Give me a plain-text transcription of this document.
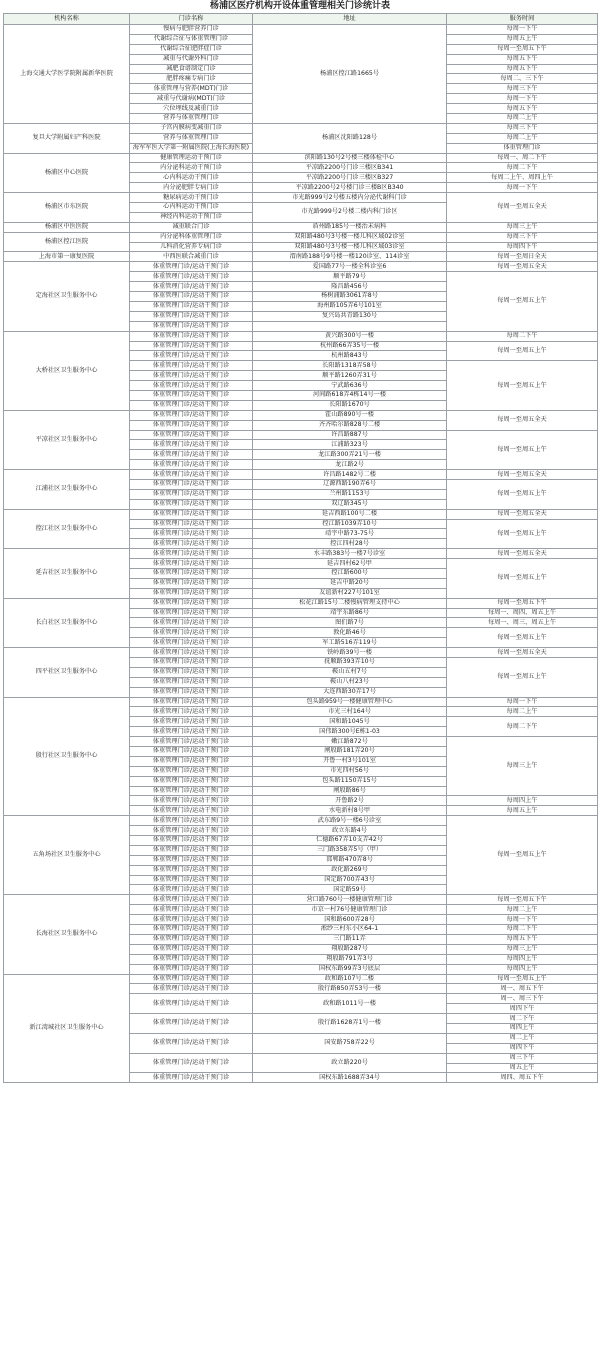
杨浦区医疗机构开设体重管理相关门诊统计表
机构名称	门诊名称	地址	服务时间	
上海交通大学医学院附属新华医院	慢病与肥胖营养门诊	杨浦区控江路1665号	每周一下午	
	代谢综合征与体重管理门诊		每周五上午	
	代谢综合征肥胖症门诊		每周一至周五下午	
	减重与代谢外科门诊		每周五下午	
	减肥食谱制定门诊		每周五下午	
	肥胖疼痛专病门诊		每周二、三下午	
	体重管理与营养(MDT)门诊		每周三下午	
	减重与代谢病(MDT)门诊		每周一下午	
	穴位埋线及减重门诊		每周五下午	
	营养与体重管理门诊		每周二上午	
复旦大学附属妇产科医院	子宫内膜病变减重门诊	杨浦区沈阳路128号	每周三下午	
	营养与体重管理门诊		每周二上午	
	海军军医大学第一附属医院(上海长海医院)		体重管理门诊		
杨浦区中心医院	健康管理运动干预门诊	滨阳路130号2号楼三楼体检中心	每周一、周二下午	
	内分泌科运动干预门诊	平凉路2200号门诊三楼区B341	每周二下午	
	心内科运动干预门诊	平凉路2200号门诊三楼区B327	每周二上午、周四上午	
	内分泌肥胖专病门诊	平凉路2200号2号楼门诊三楼B区B340	每周一下午	
杨浦区市东医院	糖尿病运动干预门诊	市光路999号2号楼五楼内分泌代谢科门诊	每周一至周五全天	
	心内科运动干预门诊	市光路999号2号楼二楼内科门诊区		
	神经内科运动干预门诊			
杨浦区中医医院	减重联合门诊	盾州路185号一楼治未病科	每周三上午	
杨浦区控江医院	内分泌科体重管理门诊	双阳路480号3号楼一楼儿科区域02诊室	每周三下午	
	儿科消化营养专病门诊	双阳路480号3号楼一楼儿科区域03诊室	每周四下午	
上海市第一康复医院	中西医联合减重门诊	渭南路188号9号楼一楼120诊室、114诊室	每周一至周日全天	
定海社区卫生服务中心	体重管理门诊/运动干预门诊	爱国路77号一楼全科诊室6	每周一至周五全天	
	体重管理门诊/运动干预门诊	顺平路79号	每周一至周五上午	
	体重管理门诊/运动干预门诊	隆昌路456号		
	体重管理门诊/运动干预门诊	杨树浦路3061弄8号		
	体重管理门诊/运动干预门诊	海州路105弄6号101室		
	体重管理门诊/运动干预门诊	复兴岛共青路130号		
	体重管理门诊/运动干预门诊			
大桥社区卫生服务中心	体重管理门诊/运动干预门诊	黄兴路300号一楼	每周二下午	
	体重管理门诊/运动干预门诊	杭州路66弄35号一楼	每周一至周五上午	
	体重管理门诊/运动干预门诊	杭州路843号		
	体重管理门诊/运动干预门诊	长阳路1318弄58号	每周一至周五上午	
	体重管理门诊/运动干预门诊	顺平路1260弄31号		
	体重管理门诊/运动干预门诊	宁武路636号		
	体重管理门诊/运动干预门诊	河间路618弄4栋14号一楼		
	体重管理门诊/运动干预门诊	长阳路1670号		
平凉社区卫生服务中心	体重管理门诊/运动干预门诊	霍山路890号一楼	每周一至周五全天	
	体重管理门诊/运动干预门诊	齐齐哈尔路828号二楼		
	体重管理门诊/运动干预门诊	许昌路887号	每周一至周五上午	
	体重管理门诊/运动干预门诊	江浦路323号		
	体重管理门诊/运动干预门诊	龙江路300弄21号一楼		
	体重管理门诊/运动干预门诊	龙江路2号		
江浦社区卫生服务中心	体重管理门诊/运动干预门诊	许昌路1482号二楼	每周一至周五全天	
	体重管理门诊/运动干预门诊	辽源西路190弄6号	每周一至周五上午	
	体重管理门诊/运动干预门诊	兰州路1153号		
	体重管理门诊/运动干预门诊	双辽路345号		
控江社区卫生服务中心	体重管理门诊/运动干预门诊	延吉西路100号二楼	每周一至周五全天	
	体重管理门诊/运动干预门诊	控江路1039弄10号	每周一至周五上午	
	体重管理门诊/运动干预门诊	靖宇中路73-75号		
	体重管理门诊/运动干预门诊	控江四村28号		
延吉社区卫生服务中心	体重管理门诊/运动干预门诊	水丰路383号一楼7号诊室	每周一至周五全天	
	体重管理门诊/运动干预门诊	延吉四村62号甲	每周一至周五上午	
	体重管理门诊/运动干预门诊	控江路600号		
	体重管理门诊/运动干预门诊	延吉中路20号		
	体重管理门诊/运动干预门诊	友谊新村227号101室		
长白社区卫生服务中心	体重管理门诊/运动干预门诊	松花江路15号二楼慢病管理支持中心	每周一至周五下午	
	体重管理门诊/运动干预门诊	靖宇东路86号	每周一、周四、周五上午	
	体重管理门诊/运动干预门诊	图们路7号	每周一、周三、周五上午	
	体重管理门诊/运动干预门诊	敦化路46号	每周一至周五上午	
	体重管理门诊/运动干预门诊	军工路516弄119号		
四平社区卫生服务中心	体重管理门诊/运动干预门诊	铁岭路39号一楼	每周一至周五全天	
	体重管理门诊/运动干预门诊	抚顺路393弄10号	每周一至周五上午	
	体重管理门诊/运动干预门诊	鞍山五村7号		
	体重管理门诊/运动干预门诊	鞍山八村23号		
	体重管理门诊/运动干预门诊	大连西路30弄17号		
殷行社区卫生服务中心	体重管理门诊/运动干预门诊	包头路959号一楼健康管理中心	每周一下午	
	体重管理门诊/运动干预门诊	市光三村164号	每周二上午	
	体重管理门诊/运动干预门诊	国和路1045号	每周二下午	
	体重管理门诊/运动干预门诊	国伟路300号E栋1-03		
	体重管理门诊/运动干预门诊	嫩江路872号	每周三上午	
	体重管理门诊/运动干预门诊	闸殷路181弄20号		
	体重管理门诊/运动干预门诊	开鲁一村3号101室		
	体重管理门诊/运动干预门诊	市光四村56号		
	体重管理门诊/运动干预门诊	包头路1150弄15号		
	体重管理门诊/运动干预门诊	闸殷路86号		
	体重管理门诊/运动干预门诊	开鲁路2号	每周四上午	
	体重管理门诊/运动干预门诊	水电新村8号甲	每周五上午	
五角场社区卫生服务中心	体重管理门诊/运动干预门诊	武东路9号一楼6号诊室	每周一至周五上午	
	体重管理门诊/运动干预门诊	政立东路4号		
	体重管理门诊/运动干预门诊	仁德路67弄10支弄42号		
	体重管理门诊/运动干预门诊	三门路358弄5号（甲）		
	体重管理门诊/运动干预门诊	邯郸路470弄8号		
	体重管理门诊/运动干预门诊	政化路269号		
	体重管理门诊/运动干预门诊	国定路700弄43号		
	体重管理门诊/运动干预门诊	国定路59号		
长海社区卫生服务中心	体重管理门诊/运动干预门诊	营口路760号一楼健康管理门诊	每周一至周五下午	
	体重管理门诊/运动干预门诊	市京一村76号健康管理门诊	每周二上午	
	体重管理门诊/运动干预门诊	国和路600弄28号	每周一下午	
	体重管理门诊/运动干预门诊	淞纱三村东小区64-1	每周二下午	
	体重管理门诊/运动干预门诊	三门路11弄	每周五下午	
	体重管理门诊/运动干预门诊	翔殷路287号	每周三上午	
	体重管理门诊/运动干预门诊	翔殷路791弄3号	每周四上午	
	体重管理门诊/运动干预门诊	国权东路99弄3号底层	每周四上午	
新江湾城社区卫生服务中心	体重管理门诊/运动干预门诊	政和路107号二楼	每周一至周五上午	
	体重管理门诊/运动干预门诊	殷行路850弄53号一楼	周一、周五下午	
	体重管理门诊/运动干预门诊	政和路1011号一楼	周一、周三下午	
			周四下午	
	体重管理门诊/运动干预门诊	殷行路1628弄1号一楼	周二下午	
			周四上午	
	体重管理门诊/运动干预门诊	国安路758弄22号	周二上午	
			周四下午	
	体重管理门诊/运动干预门诊	政立路220号	周三下午	
			周五上午	
	体重管理门诊/运动干预门诊	国权东路1688弄34号	周四、周五下午	
